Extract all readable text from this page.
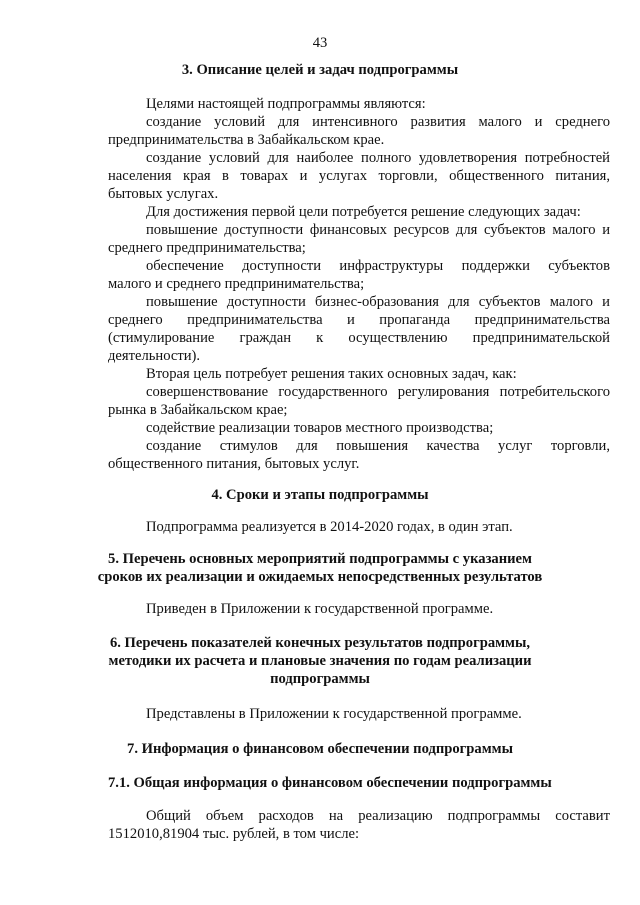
43
3. Описание целей и задач подпрограммы
Целями настоящей подпрограммы являются:
создание условий для интенсивного развития малого и среднего
предпринимательства в Забайкальском крае.
создание условий для наиболее полного удовлетворения потребностей
населения края в товарах и услугах торговли, общественного питания,
бытовых услугах.
Для достижения первой цели потребуется решение следующих задач:
повышение доступности финансовых ресурсов для субъектов малого и
среднего предпринимательства;
обеспечение доступности инфраструктуры поддержки субъектов
малого и среднего предпринимательства;
повышение доступности бизнес-образования для субъектов малого и
среднего предпринимательства и пропаганда предпринимательства
(стимулирование граждан к осуществлению предпринимательской
деятельности).
Вторая цель потребует решения таких основных задач, как:
совершенствование государственного регулирования потребительского
рынка в Забайкальском крае;
содействие реализации товаров местного производства;
создание стимулов для повышения качества услуг торговли,
общественного питания, бытовых услуг.
4. Сроки и этапы подпрограммы
Подпрограмма реализуется в 2014-2020 годах, в один этап.
5. Перечень основных мероприятий подпрограммы с указанием
сроков их реализации и ожидаемых непосредственных результатов
Приведен в Приложении к государственной программе.
6. Перечень показателей конечных результатов подпрограммы,
методики их расчета и плановые значения по годам реализации
подпрограммы
Представлены в Приложении к государственной программе.
7. Информация о финансовом обеспечении подпрограммы
7.1. Общая информация о финансовом обеспечении подпрограммы
Общий объем расходов на реализацию подпрограммы составит
1512010,81904 тыс. рублей, в том числе:
